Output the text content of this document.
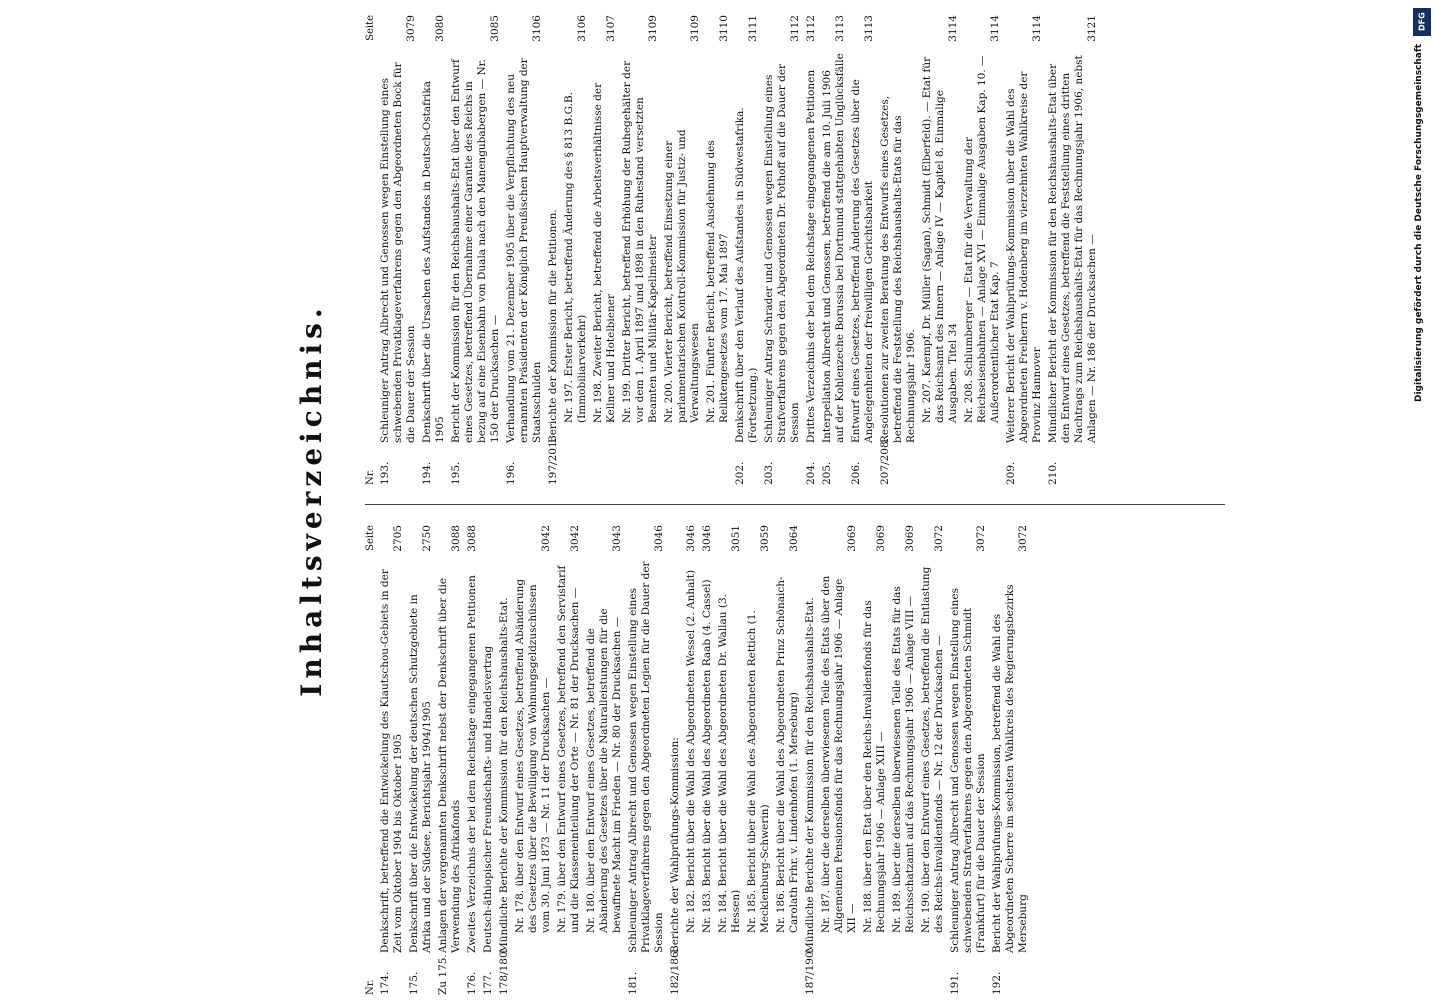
DFG
Digitalisierung gefördert durch die Deutsche Forschungsgemeinschaft
Inhaltsverzeichnis.
Nr.
Seite
174.
Denkschrift, betreffend die Entwickelung des Kiautschou-Gebiets in der Zeit vom Oktober 1904 bis Oktober 1905
2705
175.
Denkschrift über die Entwickelung der deutschen Schutzgebiete in Afrika und der Südsee, Berichtsjahr 1904/1905
2750
Zu 175.
Anlagen der vorgenannten Denkschrift nebst der Denkschrift über die Verwendung des Afrikafonds
3088
176.
Zweites Verzeichnis der bei dem Reichstage eingegangenen Petitionen
3088
177.
Deutsch-äthiopischer Freundschafts- und Handelsvertrag
178/180.
Mündliche Berichte der Kommission für den Reichshaushalts-Etat. Nr. 178. über den Entwurf eines Gesetzes, betreffend Abänderung des Gesetzes über die Bewilligung von Wohnungsgeldzuschüssen vom 30. Juni 1873 — Nr. 11 der Drucksachen —
3042
Nr. 179. über den Entwurf eines Gesetzes, betreffend den Servistarif und die Klasseneinteilung der Orte — Nr. 81 der Drucksachen —
3042
Nr. 180. über den Entwurf eines Gesetzes, betreffend die Abänderung des Gesetzes über die Naturalleistungen für die bewaffnete Macht im Frieden — Nr. 80 der Drucksachen —
3043
181.
Schleuniger Antrag Albrecht und Genossen wegen Einstellung eines Privatklageverfahrens gegen den Abgeordneten Legien für die Dauer der Session
3046
182/186.
Berichte der Wahlprüfungs-Kommission: Nr. 182. Bericht über die Wahl des Abgeordneten Wessel (2. Anhalt)
3046
Nr. 183. Bericht über die Wahl des Abgeordneten Raab (4. Cassel)
3046
Nr. 184. Bericht über die Wahl des Abgeordneten Dr. Wallau (3. Hessen)
3051
Nr. 185. Bericht über die Wahl des Abgeordneten Rettich (1. Mecklenburg-Schwerin)
3059
Nr. 186. Bericht über die Wahl des Abgeordneten Prinz Schönaich-Carolath Frhr. v. Lindenhofen (1. Merseburg)
3064
187/190.
Mündliche Berichte der Kommission für den Reichshaushalts-Etat. Nr. 187. über die derselben überwiesenen Teile des Etats über den Allgemeinen Pensionsfonds für das Rechnungsjahr 1906 — Anlage XII —
3069
Nr. 188. über den Etat über den Reichs-Invalidenfonds für das Rechnungsjahr 1906 — Anlage XIII —
3069
Nr. 189. über die derselben überwiesenen Teile des Etats für das Reichsschatzamt auf das Rechnungsjahr 1906 — Anlage VIII —
3069
Nr. 190. über den Entwurf eines Gesetzes, betreffend die Entlastung des Reichs-Invalidenfonds — Nr. 12 der Drucksachen —
3072
191.
Schleuniger Antrag Albrecht und Genossen wegen Einstellung eines schwebenden Strafverfahrens gegen den Abgeordneten Schmidt (Frankfurt) für die Dauer der Session
3072
192.
Bericht der Wahlprüfungs-Kommission, betreffend die Wahl des Abgeordneten Scherre im sechsten Wahlkreis des Regierungsbezirks Merseburg
3072
Nr.
Seite
193.
Schleuniger Antrag Albrecht und Genossen wegen Einstellung eines schwebenden Privatklageverfahrens gegen den Abgeordneten Bock für die Dauer der Session
3079
194.
Denkschrift über die Ursachen des Aufstandes in Deutsch-Ostafrika 1905
3080
195.
Bericht der Kommission für den Reichshaushalts-Etat über den Entwurf eines Gesetzes, betreffend Übernahme einer Garantie des Reichs in bezug auf eine Eisenbahn von Duala nach den Manengubabergen — Nr. 150 der Drucksachen —
3085
196.
Verhandlung vom 21. Dezember 1905 über die Verpflichtung des neu ernannten Präsidenten der Königlich Preußischen Hauptverwaltung der Staatsschulden
3106
197/201.
Berichte der Kommission für die Petitionen. Nr. 197. Erster Bericht, betreffend Änderung des § 813 B.G.B. (Immobiliarverkehr)
3106
Nr. 198. Zweiter Bericht, betreffend die Arbeitsverhältnisse der Kellner und Hotelbiener
3107
Nr. 199. Dritter Bericht, betreffend Erhöhung der Ruhegehälter der vor dem 1. April 1897 und 1898 in den Ruhestand versetzten Beamten und Militär-Kapellmeister
3109
Nr. 200. Vierter Bericht, betreffend Einsetzung einer parlamentarischen Kontroll-Kommission für Justiz- und Verwaltungswesen
3109
Nr. 201. Fünfter Bericht, betreffend Ausdehnung des Reliktengesetzes vom 17. Mai 1897
3110
202.
Denkschrift über den Verlauf des Aufstandes in Südwestafrika. (Fortsetzung.)
3111
203.
Schleuniger Antrag Schrader und Genossen wegen Einstellung eines Strafverfahrens gegen den Abgeordneten Dr. Pothoff auf die Dauer der Session
3112
204.
Drittes Verzeichnis der bei dem Reichstage eingegangenen Petitionen
3112
205.
Interpellation Albrecht und Genossen, betreffend die am 10. Juli 1906 auf der Kohlenzeche Borussia bei Dortmund stattgehabten Unglücksfälle
3113
206.
Entwurf eines Gesetzes, betreffend Änderung des Gesetzes über die Angelegenheiten der freiwilligen Gerichtsbarkeit
3113
207/208.
Resolutionen zur zweiten Beratung des Entwurfs eines Gesetzes, betreffend die Feststellung des Reichshaushalts-Etats für das Rechnungsjahr 1906. Nr. 207. Kaempf, Dr. Müller (Sagan), Schmidt (Elberfeld). — Etat für das Reichsamt des Innern — Anlage IV — Kapitel 8. Einmalige Ausgaben. Titel 34
3114
Nr. 208. Schlumberger — Etat für die Verwaltung der Reichseisenbahnen — Anlage XVI — Einmalige Ausgaben Kap. 10. — Außerordentlicher Etat Kap. 7
3114
209.
Weiterer Bericht der Wahlprüfungs-Kommission über die Wahl des Abgeordneten Freiherrn v. Hodenberg im vierzehnten Wahlkreise der Provinz Hannover
3114
210.
Mündlicher Bericht der Kommission für den Reichshaushalts-Etat über den Entwurf eines Gesetzes, betreffend die Feststellung eines dritten Nachtrags zum Reichshaushalts-Etat für das Rechnungsjahr 1906, nebst Anlagen — Nr. 186 der Drucksachen —
3121
